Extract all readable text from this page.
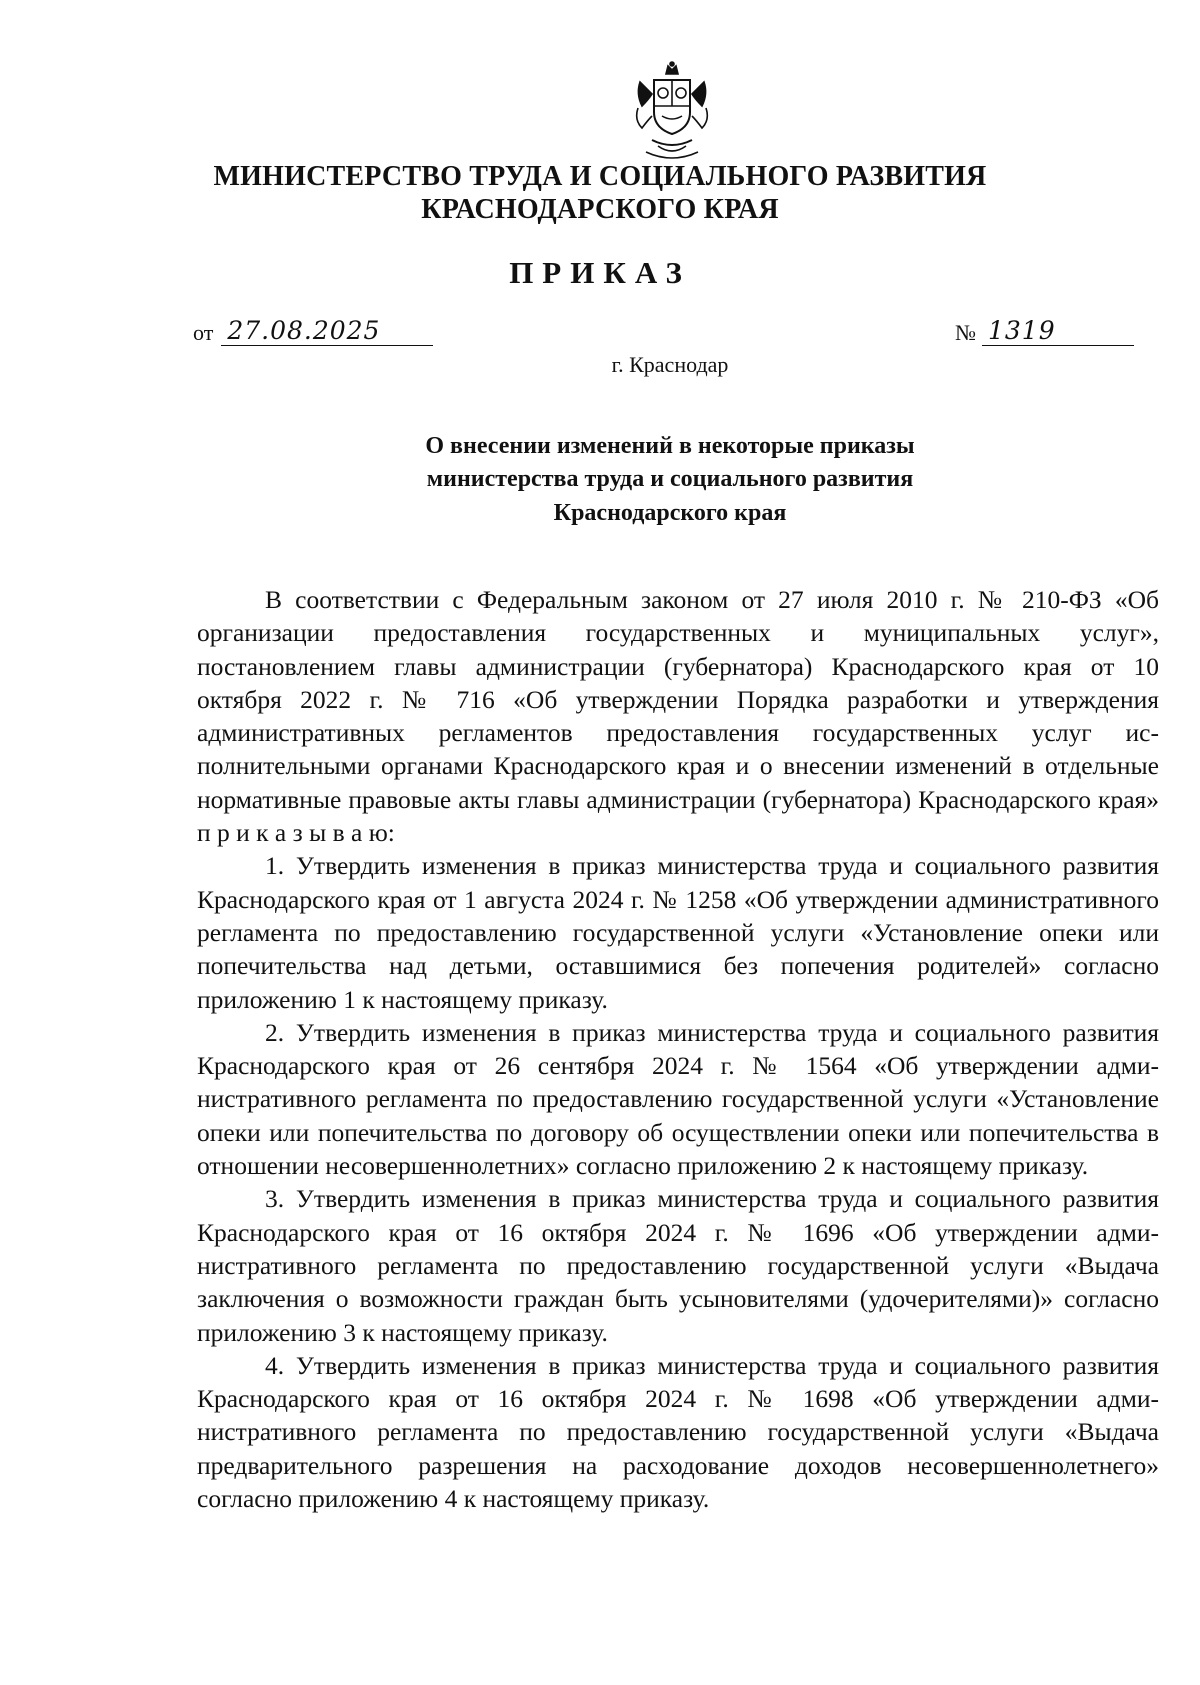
МИНИСТЕРСТВО ТРУДА И СОЦИАЛЬНОГО РАЗВИТИЯ
КРАСНОДАРСКОГО КРАЯ
ПРИКАЗ
от 27.08.2025	№ 1319
г. Краснодар
О внесении изменений в некоторые приказы
министерства труда и социального развития
Краснодарского края

В соответствии с Федеральным законом от 27 июля 2010 г. № 210-ФЗ «Об организации предоставления государственных и муниципальных услуг», постановлением главы администрации (губернатора) Краснодарского края от 10 октября 2022 г. № 716 «Об утверждении Порядка разработки и утверждения административных регламентов предоставления государственных услуг исполнительными органами Краснодарского края и о внесении изменений в отдельные нормативные правовые акты главы администрации (губернатора) Краснодарского края» п р и к а з ы в а ю:

1. Утвердить изменения в приказ министерства труда и социального развития Краснодарского края от 1 августа 2024 г. № 1258 «Об утверждении административного регламента по предоставлению государственной услуги «Установление опеки или попечительства над детьми, оставшимися без попечения родителей» согласно приложению 1 к настоящему приказу.

2. Утвердить изменения в приказ министерства труда и социального развития Краснодарского края от 26 сентября 2024 г. № 1564 «Об утверждении административного регламента по предоставлению государственной услуги «Установление опеки или попечительства по договору об осуществлении опеки или попечительства в отношении несовершеннолетних» согласно приложению 2 к настоящему приказу.

3. Утвердить изменения в приказ министерства труда и социального развития Краснодарского края от 16 октября 2024 г. № 1696 «Об утверждении административного регламента по предоставлению государственной услуги «Выдача заключения о возможности граждан быть усыновителями (удочерителями)» согласно приложению 3 к настоящему приказу.

4. Утвердить изменения в приказ министерства труда и социального развития Краснодарского края от 16 октября 2024 г. № 1698 «Об утверждении административного регламента по предоставлению государственной услуги «Выдача предварительного разрешения на расходование доходов несовершеннолетнего» согласно приложению 4 к настоящему приказу.
